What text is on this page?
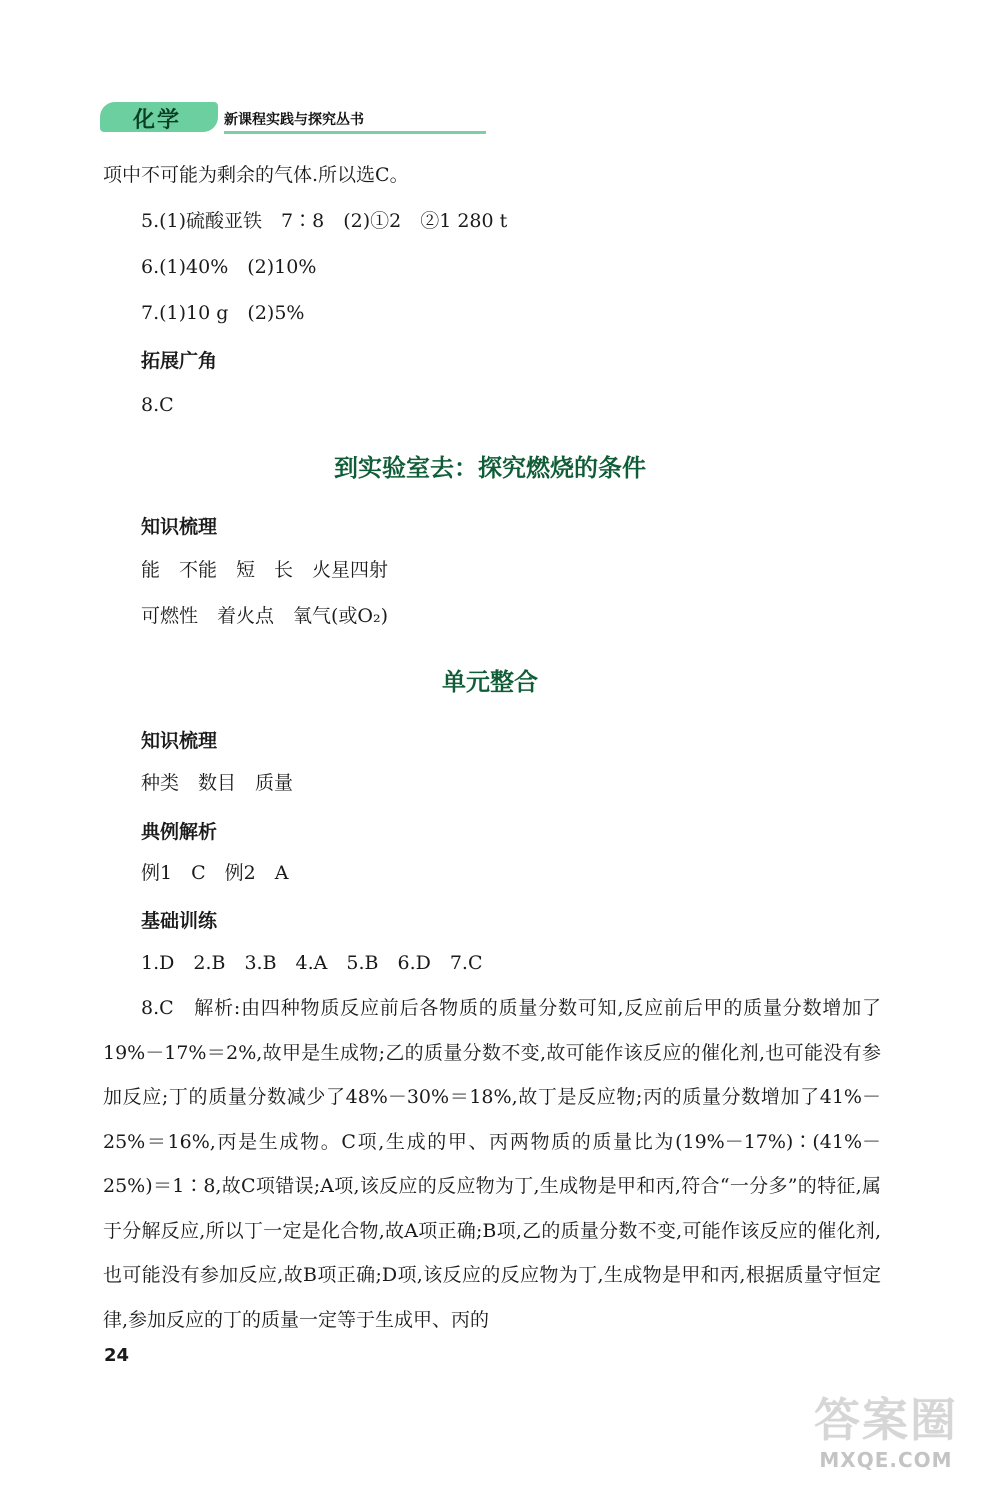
化学	新课程实践与探究丛书
项中不可能为剩余的气体.所以选C。
5.(1)硫酸亚铁　7∶8　(2)①2　②1 280 t
6.(1)40%　(2)10%
7.(1)10 g　(2)5%
拓展广角
8.C
到实验室去：探究燃烧的条件
知识梳理
能　不能　短　长　火星四射
可燃性　着火点　氧气(或O₂)
单元整合
知识梳理
种类　数目　质量
典例解析
例1　C　例2　A
基础训练
1.D　2.B　3.B　4.A　5.B　6.D　7.C

8.C　解析:由四种物质反应前后各物质的质量分数可知,反应前后甲的质量分数增加了19%－17%＝2%,故甲是生成物;乙的质量分数不变,故可能作该反应的催化剂,也可能没有参加反应;丁的质量分数减少了48%－30%＝18%,故丁是反应物;丙的质量分数增加了41%－25%＝16%,丙是生成物。C项,生成的甲、丙两物质的质量比为(19%－17%)∶(41%－25%)＝1∶8,故C项错误;A项,该反应的反应物为丁,生成物是甲和丙,符合“一分多”的特征,属于分解反应,所以丁一定是化合物,故A项正确;B项,乙的质量分数不变,可能作该反应的催化剂,也可能没有参加反应,故B项正确;D项,该反应的反应物为丁,生成物是甲和丙,根据质量守恒定律,参加反应的丁的质量一定等于生成甲、丙的

24
答案圈
MXQE.COM
